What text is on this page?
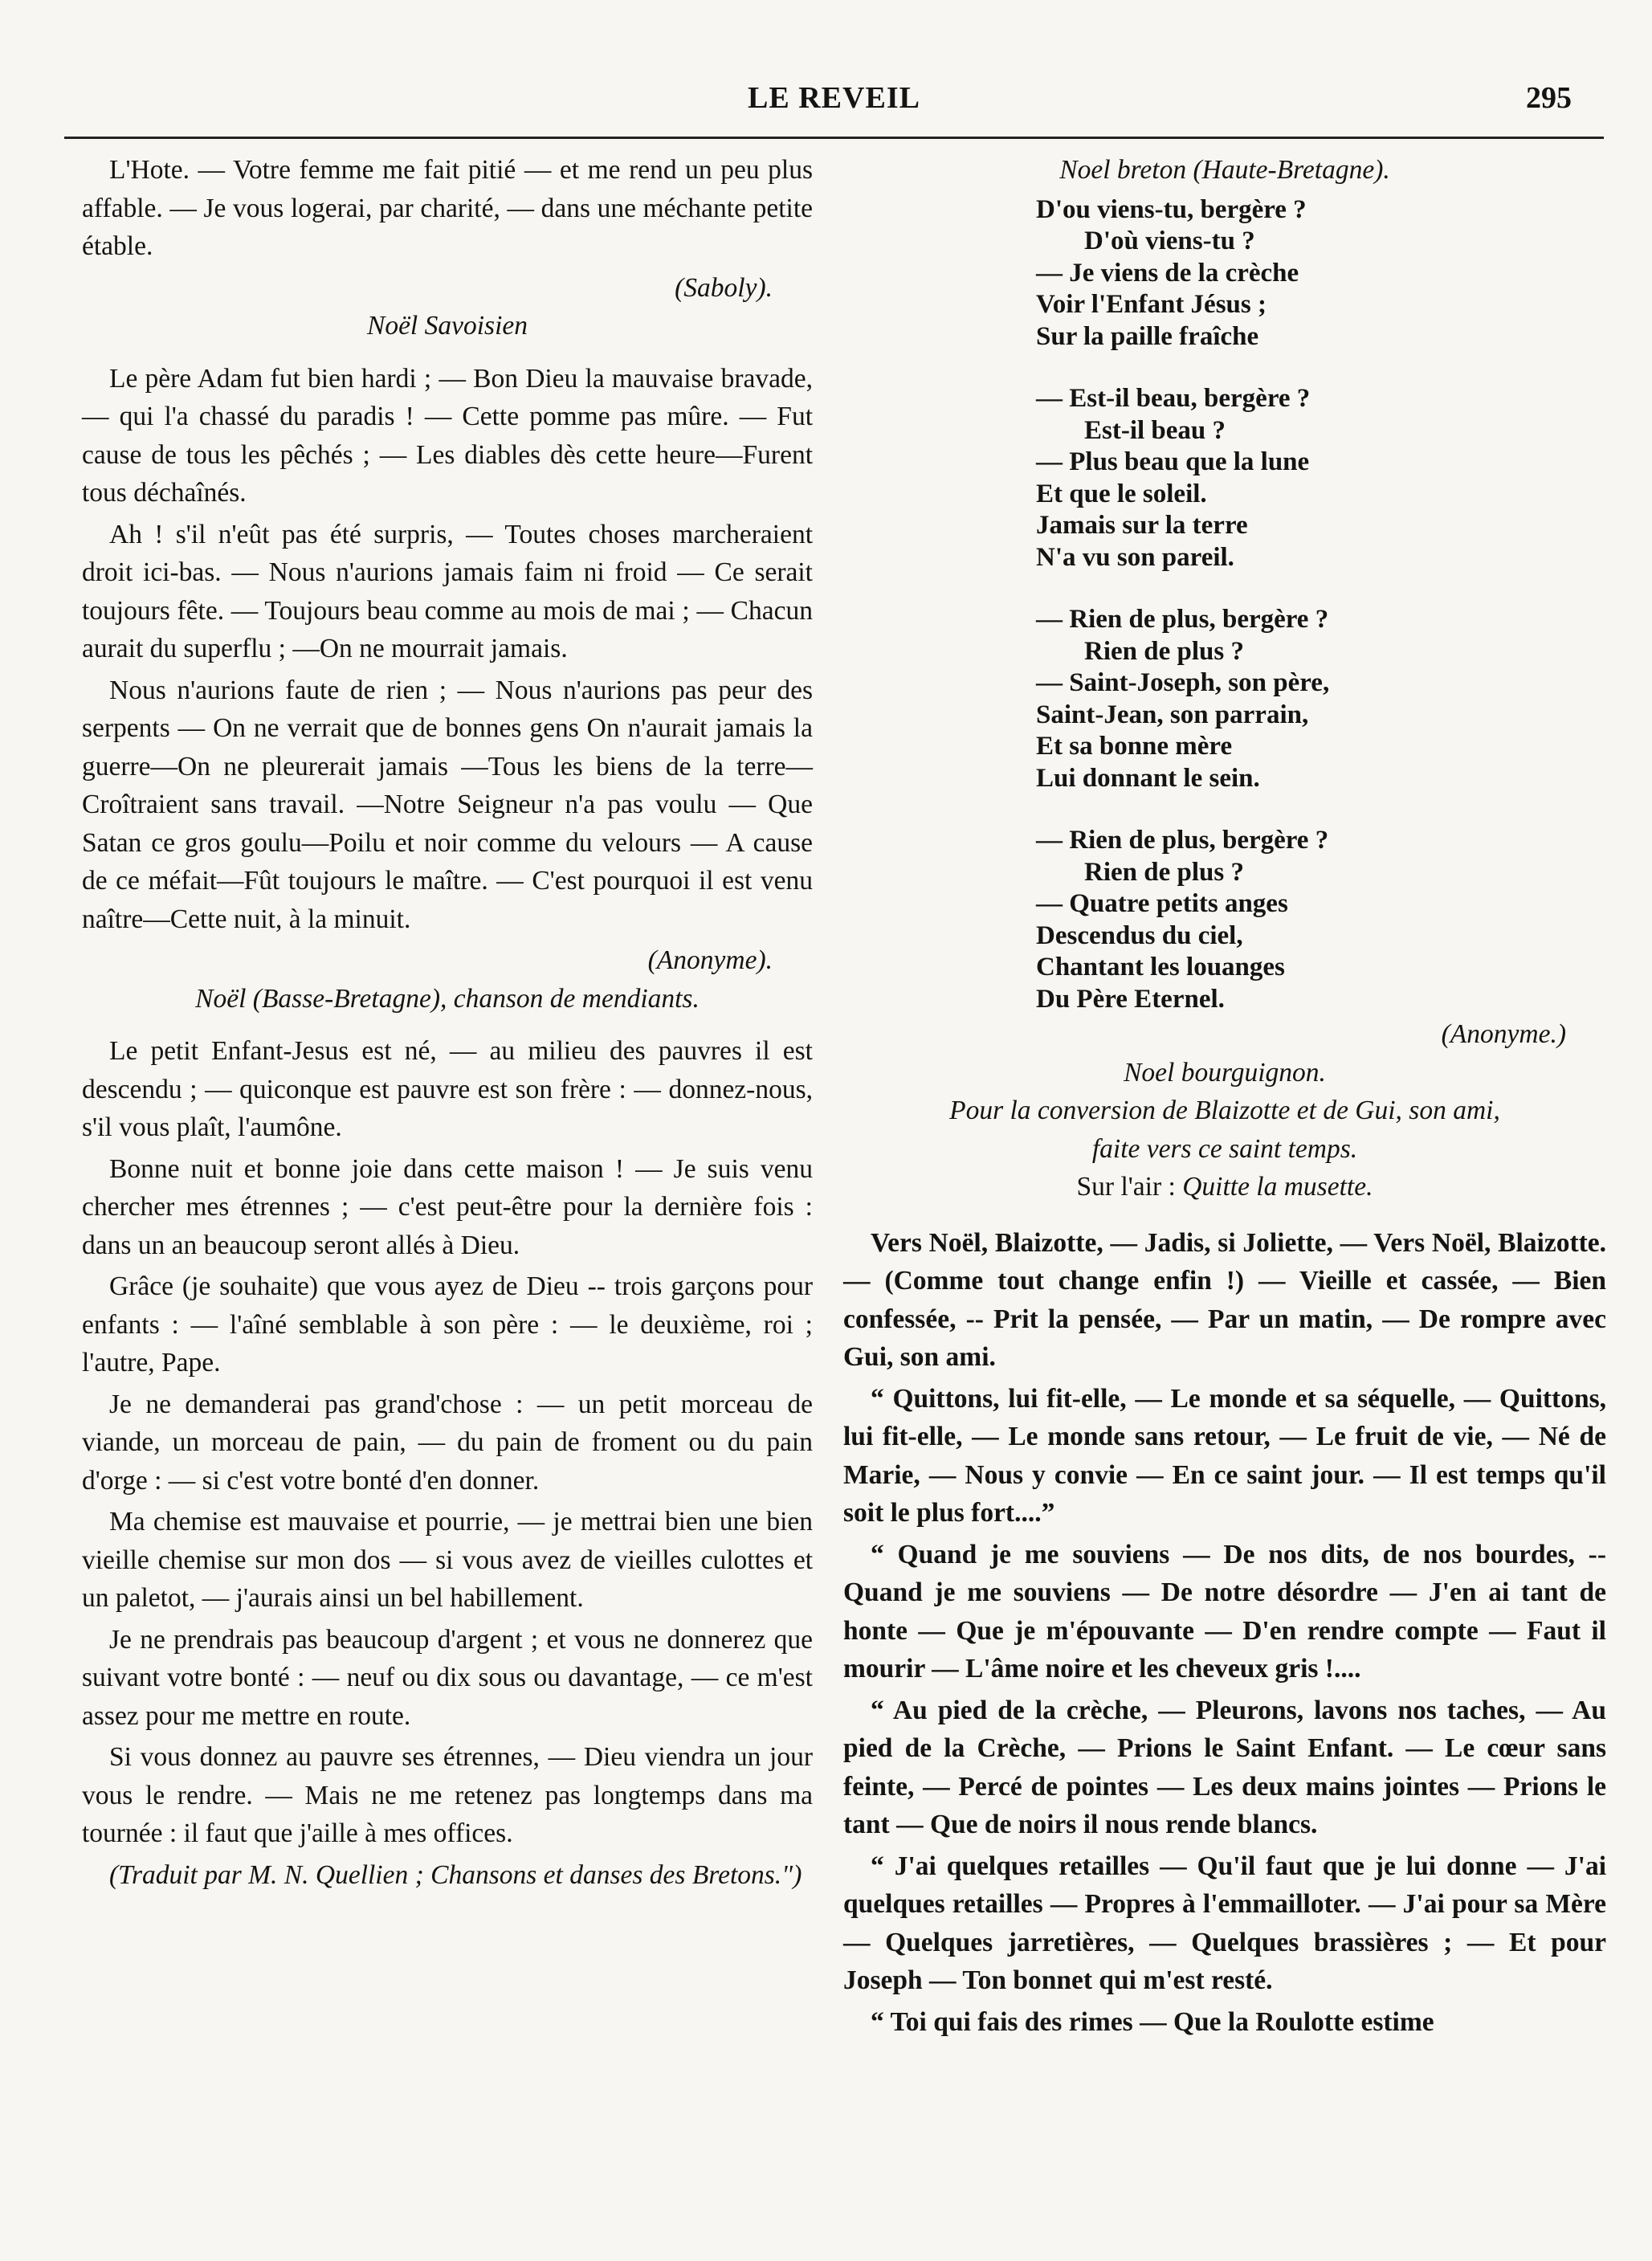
LE REVEIL	295

L'Hote. — Votre femme me fait pitié — et me rend un peu plus affable. — Je vous logerai, par charité, — dans une méchante petite étable.

(Saboly).
Noël Savoisien

Le père Adam fut bien hardi ; — Bon Dieu la mauvaise bravade, — qui l'a chassé du paradis ! — Cette pomme pas mûre. — Fut cause de tous les pêchés ; — Les diables dès cette heure—Furent tous déchaînés.

Ah ! s'il n'eût pas été surpris, — Toutes choses marcheraient droit ici-bas. — Nous n'aurions jamais faim ni froid — Ce serait toujours fête. — Toujours beau comme au mois de mai ; — Chacun aurait du superflu ; —On ne mourrait jamais.

Nous n'aurions faute de rien ; — Nous n'aurions pas peur des serpents — On ne verrait que de bonnes gens On n'aurait jamais la guerre—On ne pleurerait jamais —Tous les biens de la terre—Croîtraient sans travail. —Notre Seigneur n'a pas voulu — Que Satan ce gros goulu—Poilu et noir comme du velours — A cause de ce méfait—Fût toujours le maître. — C'est pourquoi il est venu naître—Cette nuit, à la minuit.

(Anonyme).
Noël (Basse-Bretagne), chanson de mendiants.

Le petit Enfant-Jesus est né, — au milieu des pauvres il est descendu ; — quiconque est pauvre est son frère : — donnez-nous, s'il vous plaît, l'aumône.

Bonne nuit et bonne joie dans cette maison ! — Je suis venu chercher mes étrennes ; — c'est peut-être pour la dernière fois : dans un an beaucoup seront allés à Dieu.

Grâce (je souhaite) que vous ayez de Dieu -- trois garçons pour enfants : — l'aîné semblable à son père : — le deuxième, roi ; l'autre, Pape.

Je ne demanderai pas grand'chose : — un petit morceau de viande, un morceau de pain, — du pain de froment ou du pain d'orge : — si c'est votre bonté d'en donner.

Ma chemise est mauvaise et pourrie, — je mettrai bien une bien vieille chemise sur mon dos — si vous avez de vieilles culottes et un paletot, — j'aurais ainsi un bel habillement.

Je ne prendrais pas beaucoup d'argent ; et vous ne donnerez que suivant votre bonté : — neuf ou dix sous ou davantage, — ce m'est assez pour me mettre en route.

Si vous donnez au pauvre ses étrennes, — Dieu viendra un jour vous le rendre. — Mais ne me retenez pas longtemps dans ma tournée : il faut que j'aille à mes offices.

(Traduit par M. N. Quellien ; Chansons et danses des Bretons.")

Noel breton (Haute-Bretagne).
D'ou viens-tu, bergère ?
D'où viens-tu ?
— Je viens de la crèche
Voir l'Enfant Jésus ;
Sur la paille fraîche
— Est-il beau, bergère ?
Est-il beau ?
— Plus beau que la lune
Et que le soleil.
Jamais sur la terre
N'a vu son pareil.
— Rien de plus, bergère ?
Rien de plus ?
— Saint-Joseph, son père,
Saint-Jean, son parrain,
Et sa bonne mère
Lui donnant le sein.
— Rien de plus, bergère ?
Rien de plus ?
— Quatre petits anges
Descendus du ciel,
Chantant les louanges
Du Père Eternel.
(Anonyme.)
Noel bourguignon.
Pour la conversion de Blaizotte et de Gui, son ami,
faite vers ce saint temps.
Sur l'air : Quitte la musette.

Vers Noël, Blaizotte, — Jadis, si Joliette, — Vers Noël, Blaizotte. — (Comme tout change enfin !) — Vieille et cassée, — Bien confessée, -- Prit la pensée, — Par un matin, — De rompre avec Gui, son ami.

“ Quittons, lui fit-elle, — Le monde et sa séquelle, — Quittons, lui fit-elle, — Le monde sans retour, — Le fruit de vie, — Né de Marie, — Nous y convie — En ce saint jour. — Il est temps qu'il soit le plus fort....”

“ Quand je me souviens — De nos dits, de nos bourdes, -- Quand je me souviens — De notre désordre — J'en ai tant de honte — Que je m'épouvante — D'en rendre compte — Faut il mourir — L'âme noire et les cheveux gris !....

“ Au pied de la crèche, — Pleurons, lavons nos taches, — Au pied de la Crèche, — Prions le Saint Enfant. — Le cœur sans feinte, — Percé de pointes — Les deux mains jointes — Prions le tant — Que de noirs il nous rende blancs.

“ J'ai quelques retailles — Qu'il faut que je lui donne — J'ai quelques retailles — Propres à l'emmailloter. — J'ai pour sa Mère — Quelques jarretières, — Quelques brassières ; — Et pour Joseph — Ton bonnet qui m'est resté.

“ Toi qui fais des rimes — Que la Roulotte estime
